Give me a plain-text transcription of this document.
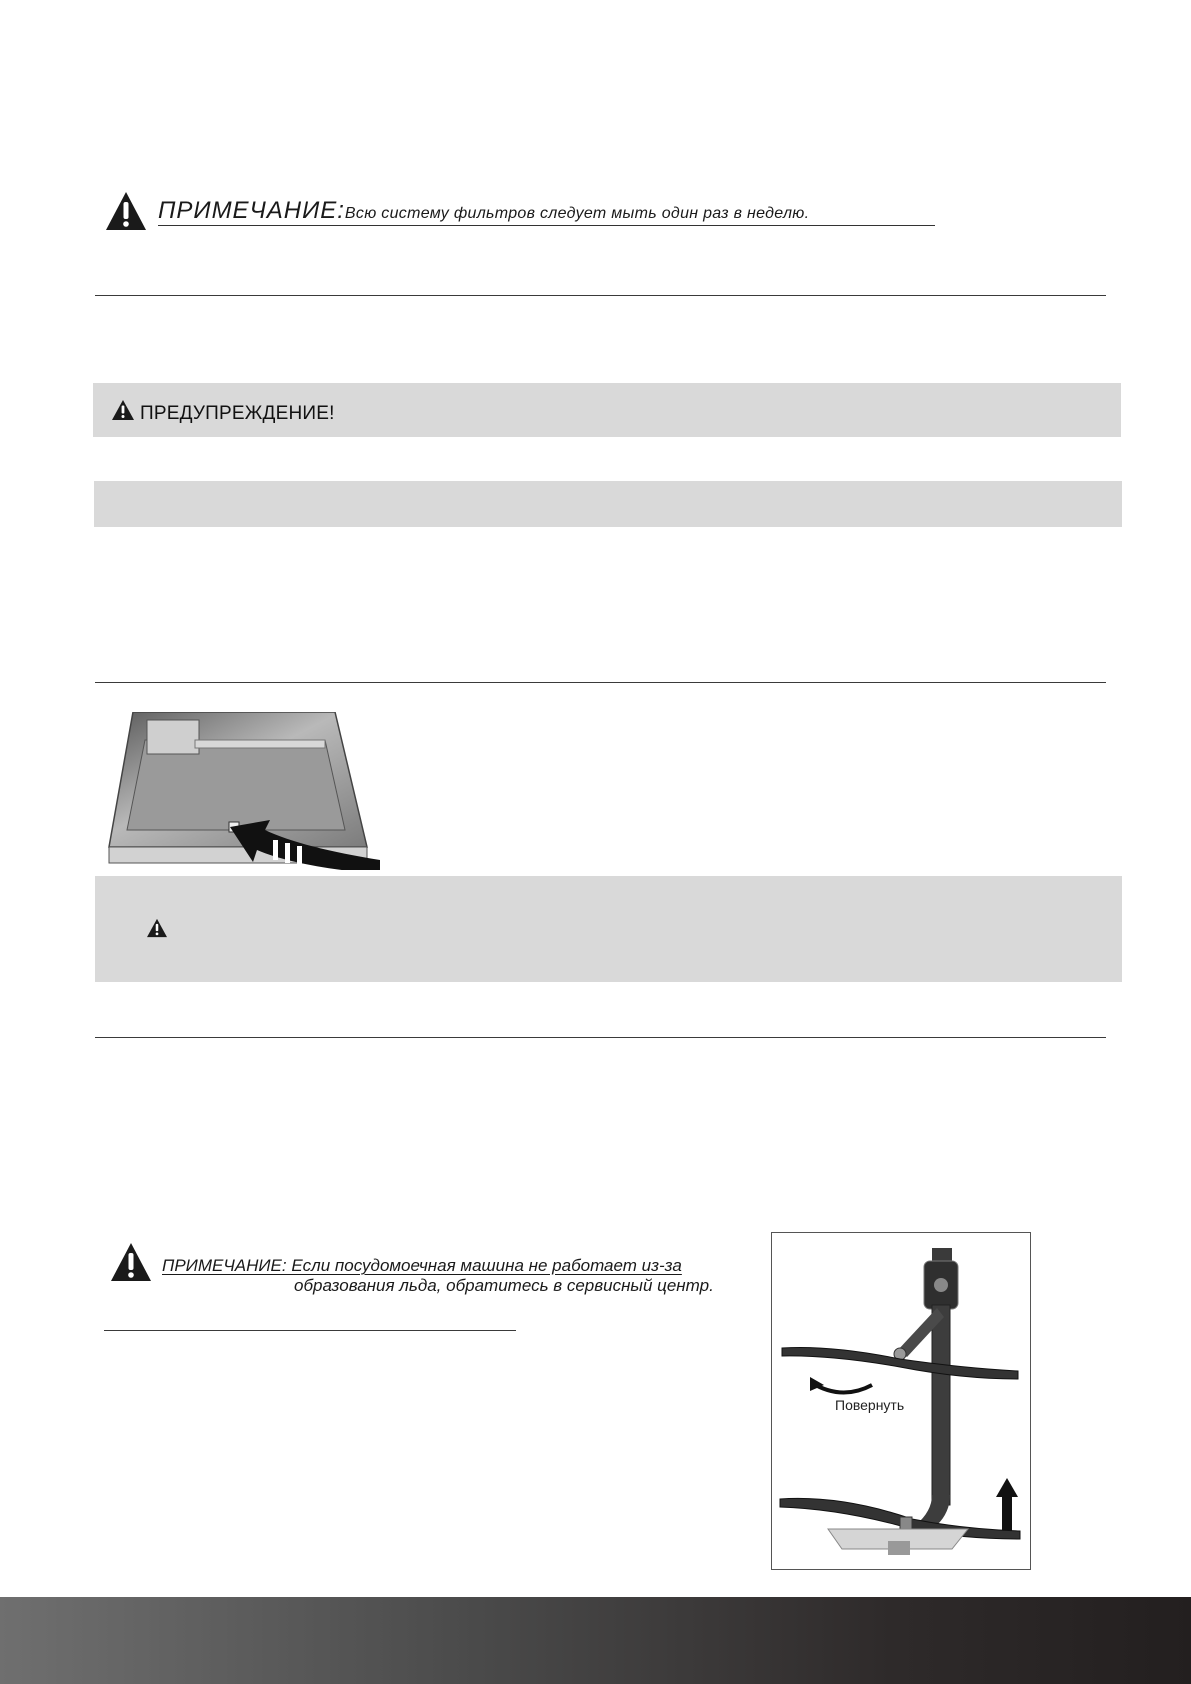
ПРИМЕЧАНИЕ:Всю систему фильтров следует мыть один раз в неделю.
ПРЕДУПРЕЖДЕНИЕ!
ПРИМЕЧАНИЕ: Если посудомоечная машина не работает из-за
образования льда, обратитесь в сервисный центр.
Повернуть
